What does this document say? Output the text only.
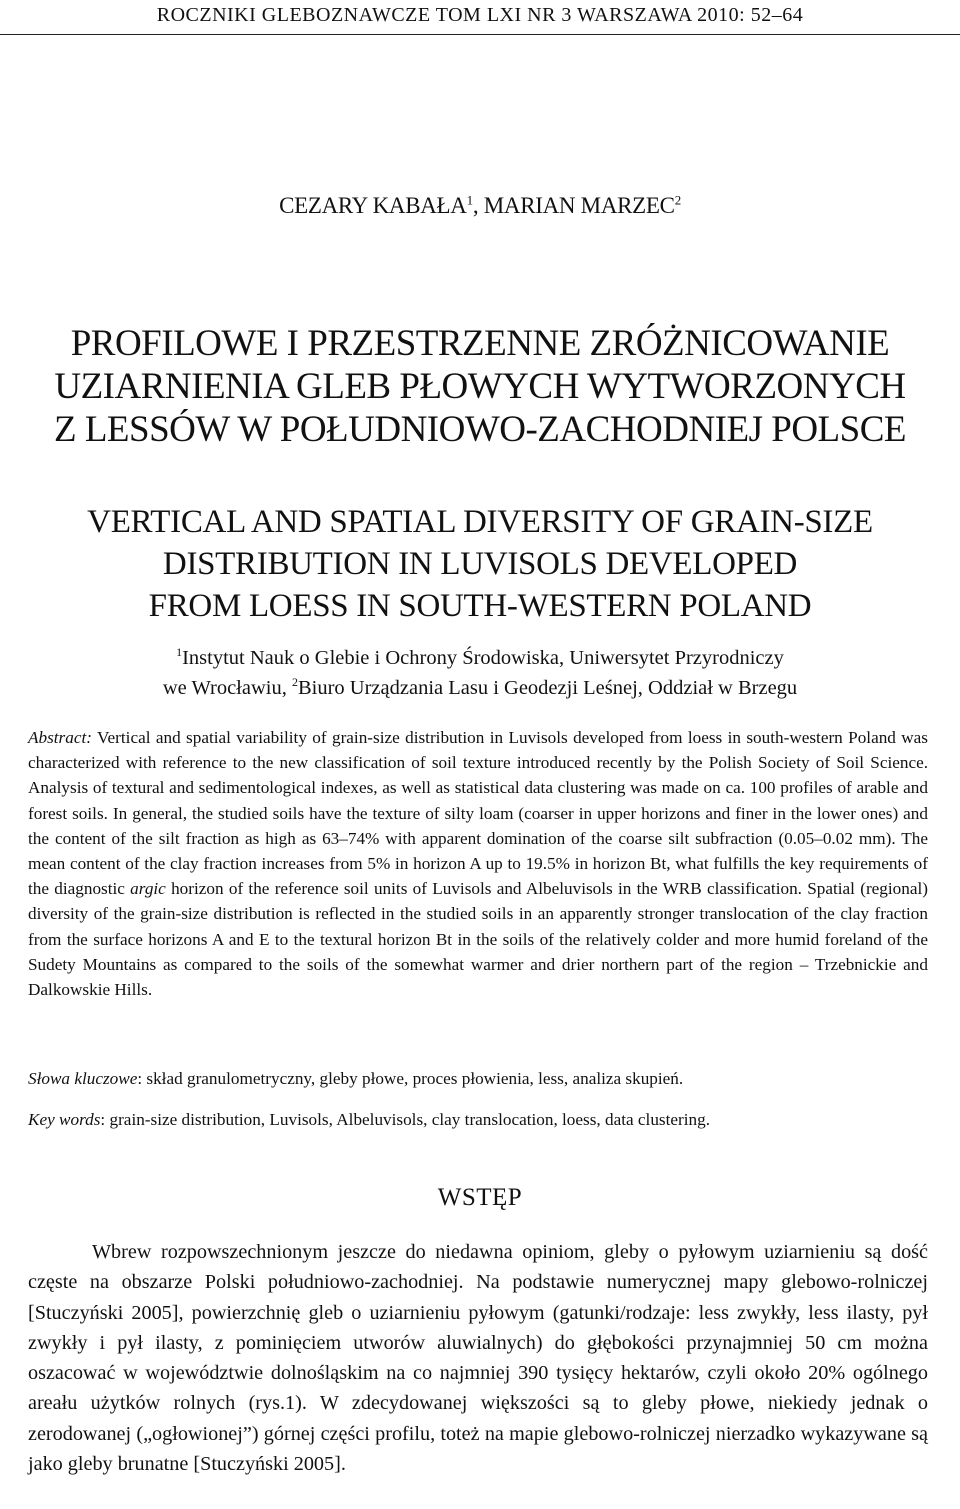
ROCZNIKI GLEBOZNAWCZE TOM LXI NR 3 WARSZAWA 2010: 52–64
CEZARY KABAŁA$^1$, MARIAN MARZEC$^2$
PROFILOWE I PRZESTRZENNE ZRÓŻNICOWANIE
UZIARNIENIA GLEB PŁOWYCH WYTWORZONYCH
Z LESSÓW W POŁUDNIOWO-ZACHODNIEJ POLSCE
VERTICAL AND SPATIAL DIVERSITY OF GRAIN-SIZE
DISTRIBUTION IN LUVISOLS DEVELOPED
FROM LOESS IN SOUTH-WESTERN POLAND
$^1$Instytut Nauk o Glebie i Ochrony Środowiska, Uniwersytet Przyrodniczy
we Wrocławiu, $^2$Biuro Urządzania Lasu i Geodezji Leśnej, Oddział w Brzegu
Abstract: Vertical and spatial variability of grain-size distribution in Luvisols developed from loess in south-western Poland was characterized with reference to the new classification of soil texture introduced recently by the Polish Society of Soil Science. Analysis of textural and sedimentological indexes, as well as statistical data clustering was made on ca. 100 profiles of arable and forest soils. In general, the studied soils have the texture of silty loam (coarser in upper horizons and finer in the lower ones) and the content of the silt fraction as high as 63–74% with apparent domination of the coarse silt subfraction (0.05–0.02 mm). The mean content of the clay fraction increases from 5% in horizon A up to 19.5% in horizon Bt, what fulfills the key requirements of the diagnostic argic horizon of the reference soil units of Luvisols and Albeluvisols in the WRB classification. Spatial (regional) diversity of the grain-size distribution is reflected in the studied soils in an apparently stronger translocation of the clay fraction from the surface horizons A and E to the textural horizon Bt in the soils of the relatively colder and more humid foreland of the Sudety Mountains as compared to the soils of the somewhat warmer and drier northern part of the region – Trzebnickie and Dalkowskie Hills.
Słowa kluczowe: skład granulometryczny, gleby płowe, proces płowienia, less, analiza skupień.
Key words: grain-size distribution, Luvisols, Albeluvisols, clay translocation, loess, data clustering.
WSTĘP
Wbrew rozpowszechnionym jeszcze do niedawna opiniom, gleby o pyłowym uziarnieniu są dość częste na obszarze Polski południowo-zachodniej. Na podstawie numerycznej mapy glebowo-rolniczej [Stuczyński 2005], powierzchnię gleb o uziarnieniu pyłowym (gatunki/rodzaje: less zwykły, less ilasty, pył zwykły i pył ilasty, z pominięciem utworów aluwialnych) do głębokości przynajmniej 50 cm można oszacować w województwie dolnośląskim na co najmniej 390 tysięcy hektarów, czyli około 20% ogólnego areału użytków rolnych (rys.1). W zdecydowanej większości są to gleby płowe, niekiedy jednak o zerodowanej („ogłowionej”) górnej części profilu, toteż na mapie glebowo-rolniczej nierzadko wykazywane są jako gleby brunatne [Stuczyński 2005].
